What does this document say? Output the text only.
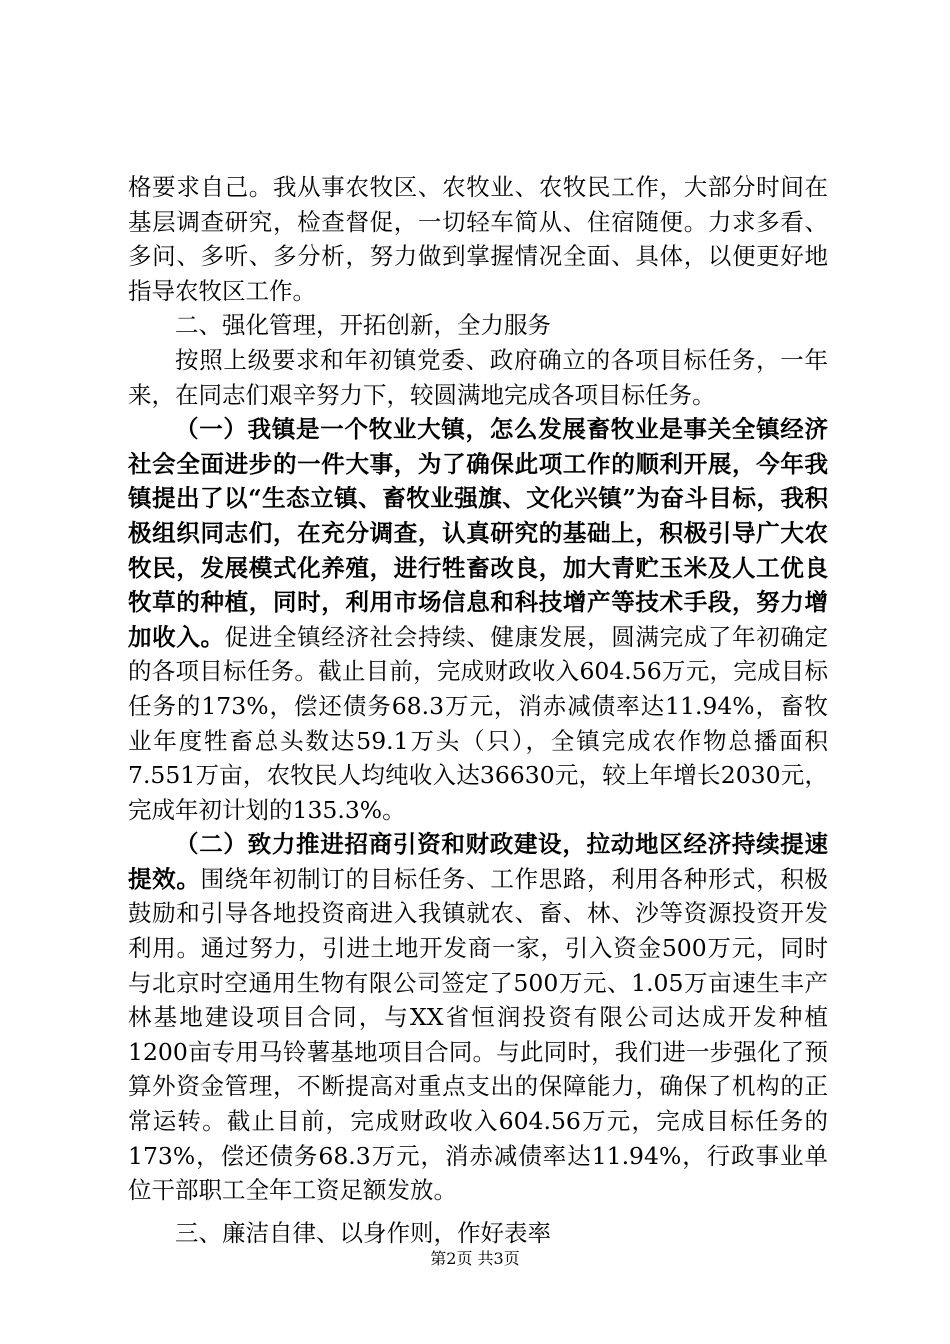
格要求自己。我从事农牧区、农牧业、农牧民工作，大部分时间在基层调查研究，检查督促，一切轻车简从、住宿随便。力求多看、多问、多听、多分析，努力做到掌握情况全面、具体，以便更好地指导农牧区工作。

二、强化管理，开拓创新，全力服务

按照上级要求和年初镇党委、政府确立的各项目标任务，一年来，在同志们艰辛努力下，较圆满地完成各项目标任务。

（一）我镇是一个牧业大镇，怎么发展畜牧业是事关全镇经济社会全面进步的一件大事，为了确保此项工作的顺利开展，今年我镇提出了以“生态立镇、畜牧业强旗、文化兴镇”为奋斗目标，我积极组织同志们，在充分调查，认真研究的基础上，积极引导广大农牧民，发展模式化养殖，进行牲畜改良，加大青贮玉米及人工优良牧草的种植，同时，利用市场信息和科技增产等技术手段，努力增加收入。促进全镇经济社会持续、健康发展，圆满完成了年初确定的各项目标任务。截止目前，完成财政收入604.56万元，完成目标任务的173%，偿还债务68.3万元，消赤减债率达11.94%，畜牧业年度牲畜总头数达59.1万头（只），全镇完成农作物总播面积7.551万亩，农牧民人均纯收入达36630元，较上年增长2030元，完成年初计划的135.3%。

（二）致力推进招商引资和财政建设，拉动地区经济持续提速提效。围绕年初制订的目标任务、工作思路，利用各种形式，积极鼓励和引导各地投资商进入我镇就农、畜、林、沙等资源投资开发利用。通过努力，引进土地开发商一家，引入资金500万元，同时与北京时空通用生物有限公司签定了500万元、1.05万亩速生丰产林基地建设项目合同，与XX省恒润投资有限公司达成开发种植1200亩专用马铃薯基地项目合同。与此同时，我们进一步强化了预算外资金管理，不断提高对重点支出的保障能力，确保了机构的正常运转。截止目前，完成财政收入604.56万元，完成目标任务的173%，偿还债务68.3万元，消赤减债率达11.94%，行政事业单位干部职工全年工资足额发放。

三、廉洁自律、以身作则，作好表率

第2页 共3页
